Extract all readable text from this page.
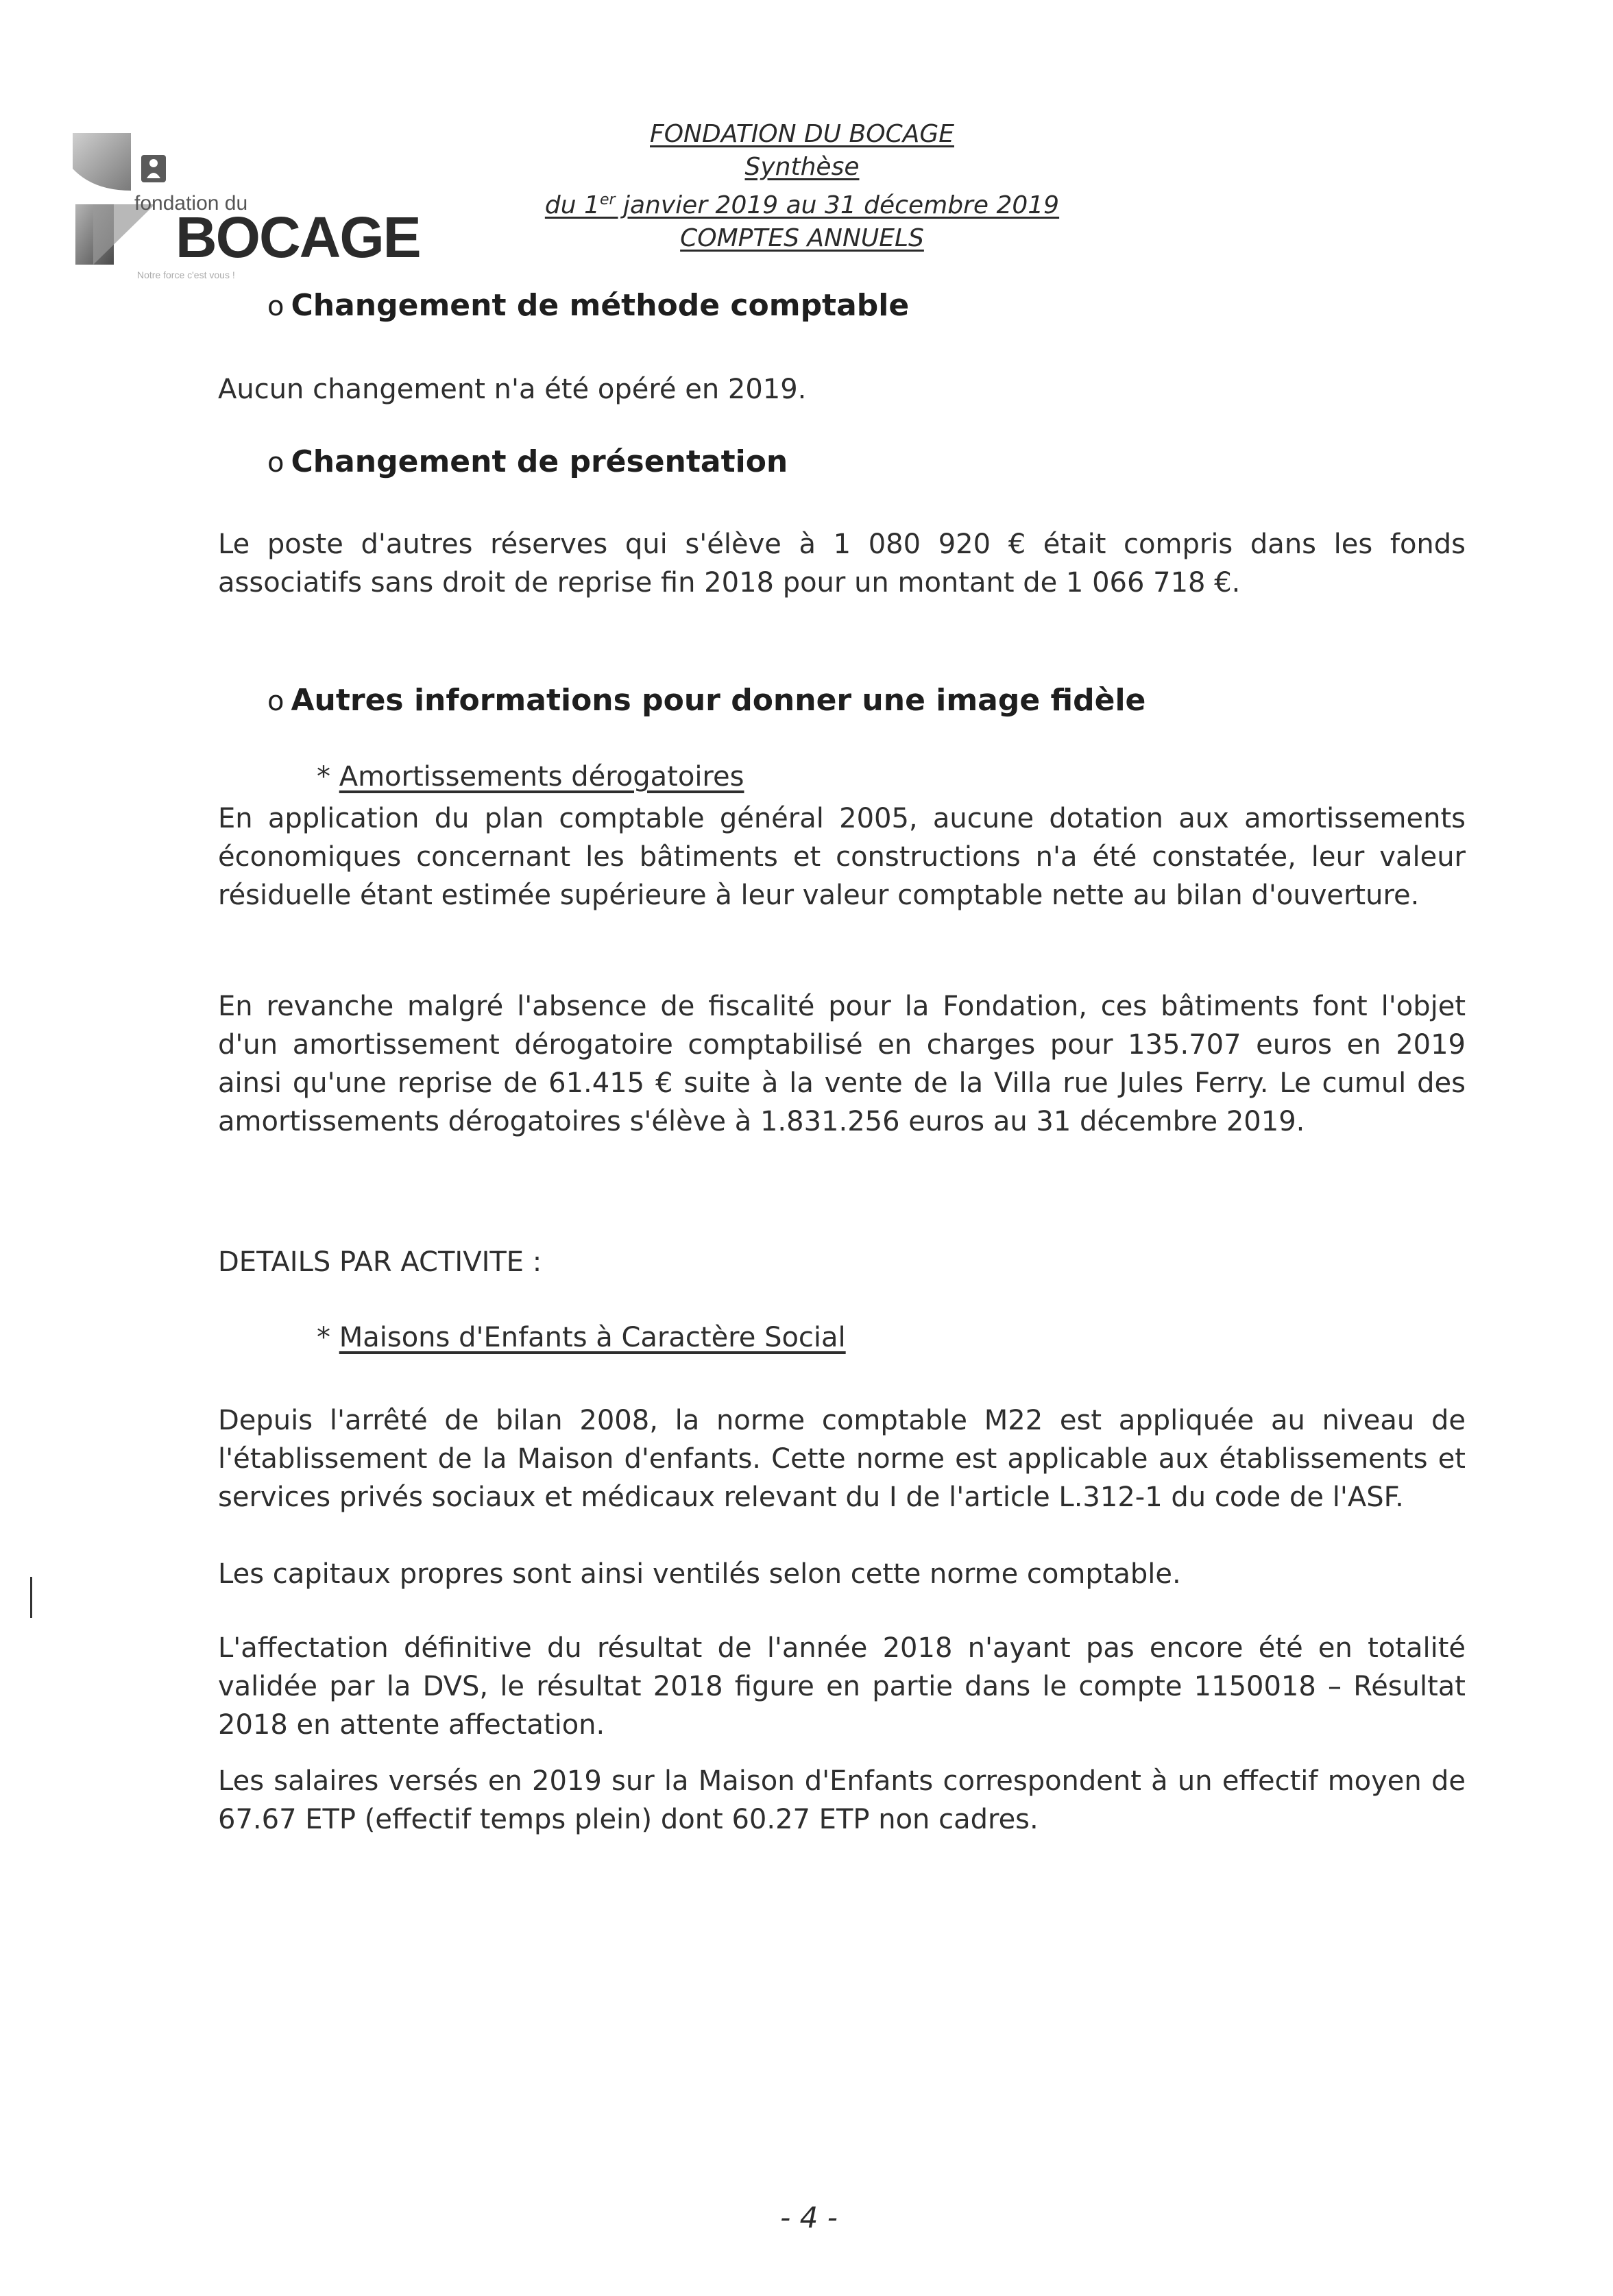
fondation du
BOCAGE
Notre force c'est vous !
FONDATION DU BOCAGE
Synthèse
du 1er janvier 2019 au 31 décembre 2019
COMPTES ANNUELS
o Changement de méthode comptable
Aucun changement n'a été opéré en 2019.
o Changement de présentation
Le poste d'autres réserves qui s'élève à 1 080 920 € était compris dans les fonds associatifs sans droit de reprise fin 2018 pour un montant de 1 066 718 €.
o Autres informations pour donner une image fidèle
* Amortissements dérogatoires
En application du plan comptable général 2005, aucune dotation aux amortissements économiques concernant les bâtiments et constructions n'a été constatée, leur valeur résiduelle étant estimée supérieure à leur valeur comptable nette au bilan d'ouverture.
En revanche malgré l'absence de fiscalité pour la Fondation, ces bâtiments font l'objet d'un amortissement dérogatoire comptabilisé en charges pour 135.707 euros en 2019 ainsi qu'une reprise de 61.415 € suite à la vente de la Villa rue Jules Ferry. Le cumul des amortissements dérogatoires s'élève à 1.831.256 euros au 31 décembre 2019.
DETAILS PAR ACTIVITE :
* Maisons d'Enfants à Caractère Social
Depuis l'arrêté de bilan 2008, la norme comptable M22 est appliquée au niveau de l'établissement de la Maison d'enfants. Cette norme est applicable aux établissements et services privés sociaux et médicaux relevant du I de l'article L.312-1 du code de l'ASF.
Les capitaux propres sont ainsi ventilés selon cette norme comptable.
L'affectation définitive du résultat de l'année 2018 n'ayant pas encore été en totalité validée par la DVS, le résultat 2018 figure en partie dans le compte 1150018 – Résultat 2018 en attente affectation.
Les salaires versés en 2019 sur la Maison d'Enfants correspondent à un effectif moyen de 67.67 ETP (effectif temps plein) dont 60.27 ETP non cadres.
- 4 -
